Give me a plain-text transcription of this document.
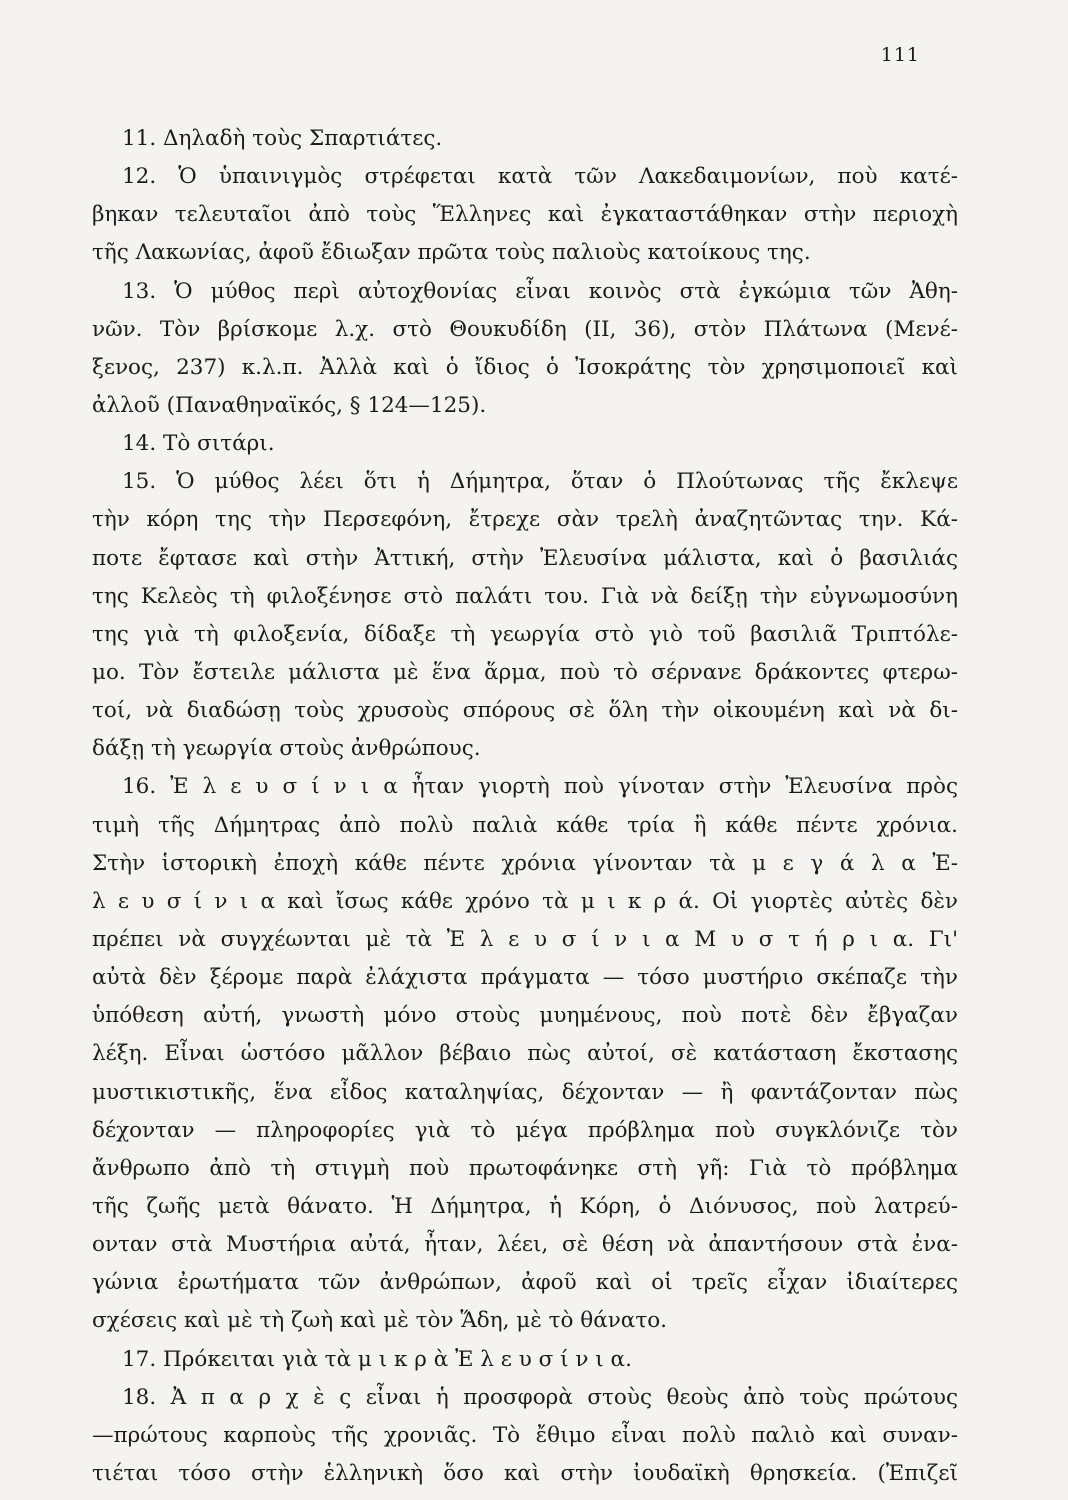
111
11. Δηλαδὴ τοὺς Σπαρτιάτες.
12. Ὁ ὑπαινιγμὸς στρέφεται κατὰ τῶν Λακεδαιμονίων, ποὺ κατέ-
βηκαν τελευταῖοι ἀπὸ τοὺς Ἕλληνες καὶ ἐγκαταστάθηκαν στὴν περιοχὴ
τῆς Λακωνίας, ἀφοῦ ἔδιωξαν πρῶτα τοὺς παλιοὺς κατοίκους της.
13. Ὁ μύθος περὶ αὐτοχθονίας εἶναι κοινὸς στὰ ἐγκώμια τῶν Ἀθη-
νῶν. Τὸν βρίσκομε λ.χ. στὸ Θουκυδίδη (ΙΙ, 36), στὸν Πλάτωνα (Μενέ-
ξενος, 237) κ.λ.π. Ἀλλὰ καὶ ὁ ἴδιος ὁ Ἰσοκράτης τὸν χρησιμοποιεῖ καὶ
ἀλλοῦ (Παναθηναϊκός, § 124—125).
14. Τὸ σιτάρι.
15. Ὁ μύθος λέει ὅτι ἡ Δήμητρα, ὅταν ὁ Πλούτωνας τῆς ἔκλεψε
τὴν κόρη της τὴν Περσεφόνη, ἔτρεχε σὰν τρελὴ ἀναζητῶντας την. Κά-
ποτε ἔφτασε καὶ στὴν Ἀττική, στὴν Ἐλευσίνα μάλιστα, καὶ ὁ βασιλιάς
της Κελεὸς τὴ φιλοξένησε στὸ παλάτι του. Γιὰ νὰ δείξῃ τὴν εὐγνωμοσύνη
της γιὰ τὴ φιλοξενία, δίδαξε τὴ γεωργία στὸ γιὸ τοῦ βασιλιᾶ Τριπτόλε-
μο. Τὸν ἔστειλε μάλιστα μὲ ἕνα ἅρμα, ποὺ τὸ σέρνανε δράκοντες φτερω-
τοί, νὰ διαδώσῃ τοὺς χρυσοὺς σπόρους σὲ ὅλη τὴν οἰκουμένη καὶ νὰ δι-
δάξῃ τὴ γεωργία στοὺς ἀνθρώπους.
16. Ἐ λ ε υ σ ί ν ι α ἦταν γιορτὴ ποὺ γίνοταν στὴν Ἐλευσίνα πρὸς
τιμὴ τῆς Δήμητρας ἀπὸ πολὺ παλιὰ κάθε τρία ἢ κάθε πέντε χρόνια.
Στὴν ἱστορικὴ ἐποχὴ κάθε πέντε χρόνια γίνονταν τὰ μ ε γ ά λ α Ἐ-
λ ε υ σ ί ν ι α καὶ ἴσως κάθε χρόνο τὰ μ ι κ ρ ά. Οἱ γιορτὲς αὐτὲς δὲν
πρέπει νὰ συγχέωνται μὲ τὰ Ἐ λ ε υ σ ί ν ι α Μ υ σ τ ή ρ ι α. Γι'
αὐτὰ δὲν ξέρομε παρὰ ἐλάχιστα πράγματα — τόσο μυστήριο σκέπαζε τὴν
ὑπόθεση αὐτή, γνωστὴ μόνο στοὺς μυημένους, ποὺ ποτὲ δὲν ἔβγαζαν
λέξη. Εἶναι ὡστόσο μᾶλλον βέβαιο πὼς αὐτοί, σὲ κατάσταση ἔκστασης
μυστικιστικῆς, ἕνα εἶδος καταληψίας, δέχονταν — ἢ φαντάζονταν πὼς
δέχονταν — πληροφορίες γιὰ τὸ μέγα πρόβλημα ποὺ συγκλόνιζε τὸν
ἄνθρωπο ἀπὸ τὴ στιγμὴ ποὺ πρωτοφάνηκε στὴ γῆ: Γιὰ τὸ πρόβλημα
τῆς ζωῆς μετὰ θάνατο. Ἡ Δήμητρα, ἡ Κόρη, ὁ Διόνυσος, ποὺ λατρεύ-
ονταν στὰ Μυστήρια αὐτά, ἦταν, λέει, σὲ θέση νὰ ἀπαντήσουν στὰ ἐνα-
γώνια ἐρωτήματα τῶν ἀνθρώπων, ἀφοῦ καὶ οἱ τρεῖς εἶχαν ἰδιαίτερες
σχέσεις καὶ μὲ τὴ ζωὴ καὶ μὲ τὸν Ἅδη, μὲ τὸ θάνατο.
17. Πρόκειται γιὰ τὰ μ ι κ ρ ὰ Ἐ λ ε υ σ ί ν ι α.
18. Ἀ π α ρ χ ὲ ς εἶναι ἡ προσφορὰ στοὺς θεοὺς ἀπὸ τοὺς πρώτους
—πρώτους καρποὺς τῆς χρονιᾶς. Τὸ ἔθιμο εἶναι πολὺ παλιὸ καὶ συναν-
τιέται τόσο στὴν ἑλληνικὴ ὅσο καὶ στὴν ἰουδαϊκὴ θρησκεία. (Ἐπιζεῖ
